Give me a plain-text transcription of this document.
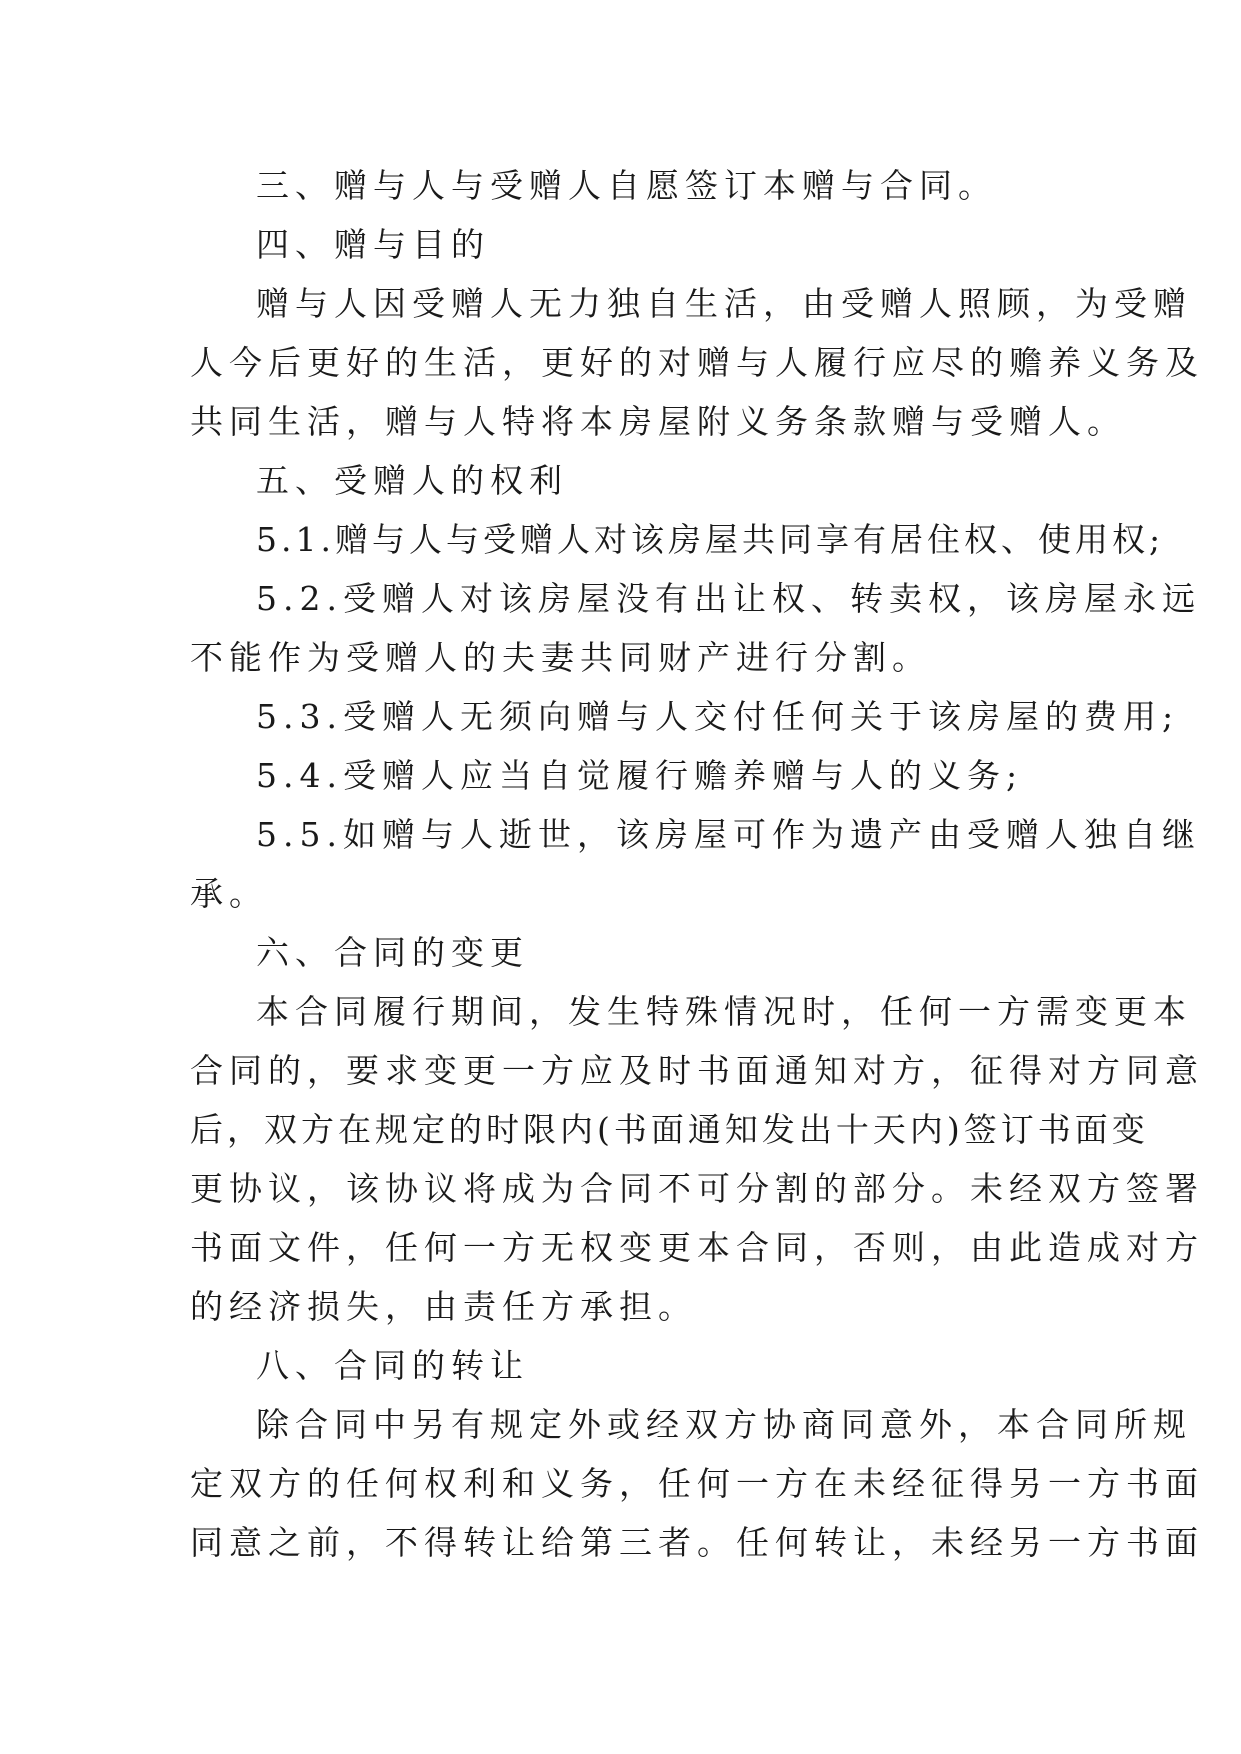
三、赠与人与受赠人自愿签订本赠与合同。
四、赠与目的
赠与人因受赠人无力独自生活，由受赠人照顾，为受赠
人今后更好的生活，更好的对赠与人履行应尽的赡养义务及
共同生活，赠与人特将本房屋附义务条款赠与受赠人。
五、受赠人的权利
5.1.赠与人与受赠人对该房屋共同享有居住权、使用权;
5.2.受赠人对该房屋没有出让权、转卖权，该房屋永远
不能作为受赠人的夫妻共同财产进行分割。
5.3.受赠人无须向赠与人交付任何关于该房屋的费用;
5.4.受赠人应当自觉履行赡养赠与人的义务;
5.5.如赠与人逝世，该房屋可作为遗产由受赠人独自继
承。
六、合同的变更
本合同履行期间，发生特殊情况时，任何一方需变更本
合同的，要求变更一方应及时书面通知对方，征得对方同意
后，双方在规定的时限内(书面通知发出十天内)签订书面变
更协议，该协议将成为合同不可分割的部分。未经双方签署
书面文件，任何一方无权变更本合同，否则，由此造成对方
的经济损失，由责任方承担。
八、合同的转让
除合同中另有规定外或经双方协商同意外，本合同所规
定双方的任何权利和义务，任何一方在未经征得另一方书面
同意之前，不得转让给第三者。任何转让，未经另一方书面
